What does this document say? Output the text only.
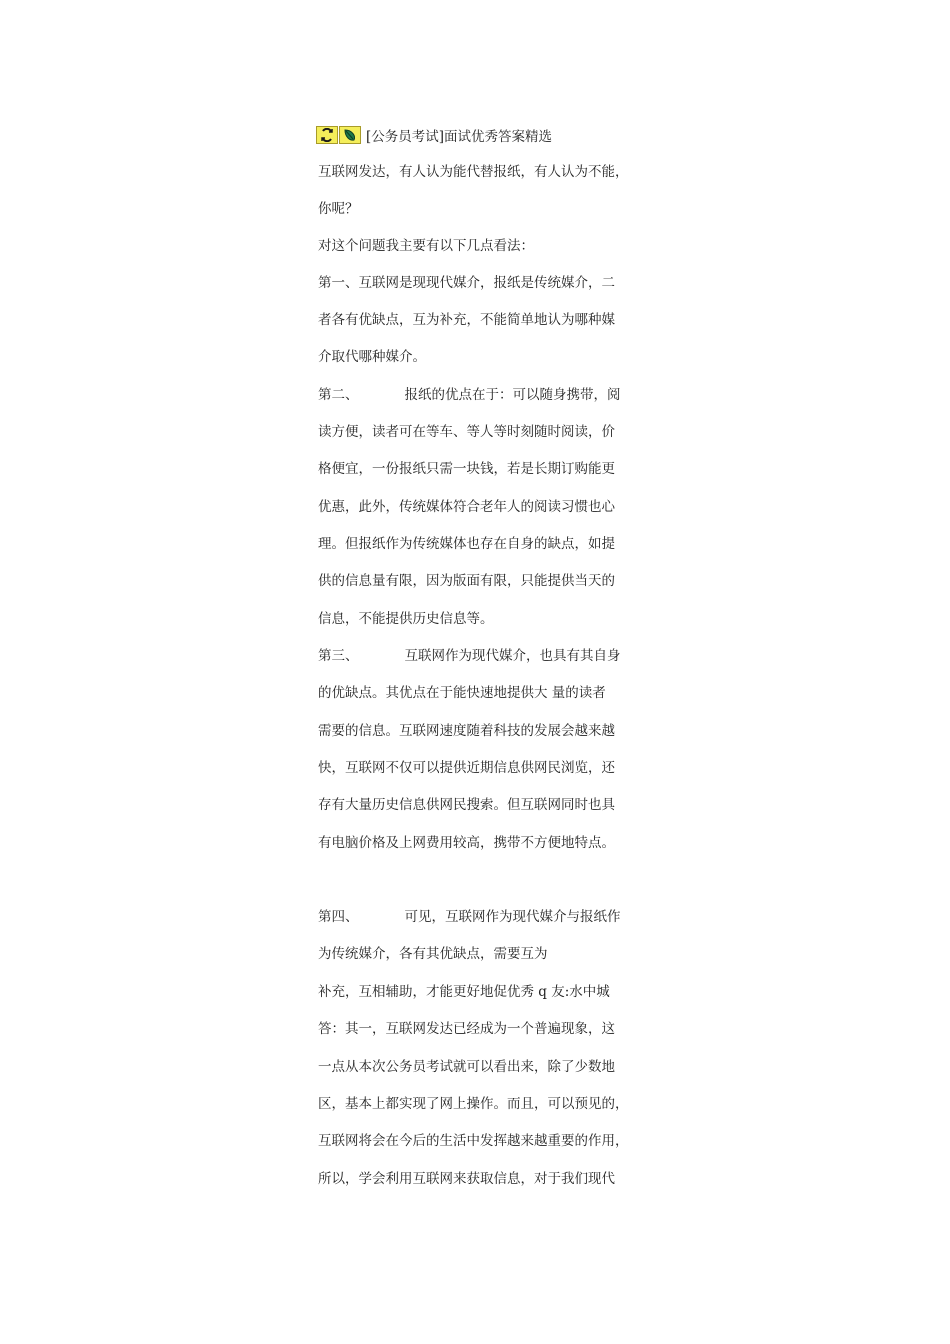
[公务员考试]面试优秀答案精选
互联网发达，有人认为能代替报纸，有人认为不能，
你呢？
对这个问题我主要有以下几点看法：
第一、互联网是现现代媒介，报纸是传统媒介，二
者各有优缺点，互为补充，不能简单地认为哪种媒
介取代哪种媒介。
第二、	报纸的优点在于：可以随身携带，阅
读方便，读者可在等车、等人等时刻随时阅读，价
格便宜，一份报纸只需一块钱，若是长期订购能更
优惠，此外，传统媒体符合老年人的阅读习惯也心
理。但报纸作为传统媒体也存在自身的缺点，如提
供的信息量有限，因为版面有限，只能提供当天的
信息，不能提供历史信息等。
第三、	互联网作为现代媒介，也具有其自身
的优缺点。其优点在于能快速地提供大 量的读者
需要的信息。互联网速度随着科技的发展会越来越
快，互联网不仅可以提供近期信息供网民浏览，还
存有大量历史信息供网民搜索。但互联网同时也具
有电脑价格及上网费用较高，携带不方便地特点。
第四、	可见，互联网作为现代媒介与报纸作
为传统媒介，各有其优缺点，需要互为
补充，互相辅助，才能更好地促优秀 q 友:水中城
答：其一，互联网发达已经成为一个普遍现象，这
一点从本次公务员考试就可以看出来，除了少数地
区，基本上都实现了网上操作。而且，可以预见的，
互联网将会在今后的生活中发挥越来越重要的作用，
所以，学会利用互联网来获取信息，对于我们现代
